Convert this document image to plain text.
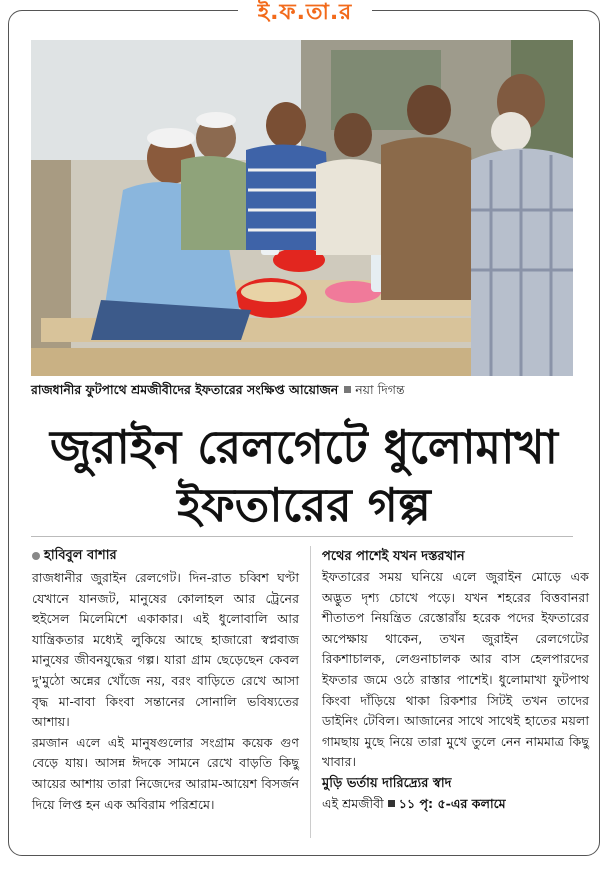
ই.ফ.তা.র
রাজধানীর ফুটপাথে শ্রমজীবীদের ইফতারের সংক্ষিপ্ত আয়োজন নয়া দিগন্ত
জুরাইন রেলগেটে ধুলোমাখা
ইফতারের গল্প
হাবিবুল বাশার
রাজধানীর জুরাইন রেলগেট। দিন-রাত চব্বিশ ঘণ্টা যেখানে যানজট, মানুষের কোলাহল আর ট্রেনের হুইসেল মিলেমিশে একাকার। এই ধুলোবালি আর যান্ত্রিকতার মধ্যেই লুকিয়ে আছে হাজারো স্বপ্নবাজ মানুষের জীবনযুদ্ধের গল্প। যারা গ্রাম ছেড়েছেন কেবল দু'মুঠো অন্নের খোঁজে নয়, বরং বাড়িতে রেখে আসা বৃদ্ধ মা-বাবা কিংবা সন্তানের সোনালি ভবিষ্যতের আশায়।
রমজান এলে এই মানুষগুলোর সংগ্রাম কয়েক গুণ বেড়ে যায়। আসন্ন ঈদকে সামনে রেখে বাড়তি কিছু আয়ের আশায় তারা নিজেদের আরাম-আয়েশ বিসর্জন দিয়ে লিপ্ত হন এক অবিরাম পরিশ্রমে।
পথের পাশেই যখন দস্তরখান
ইফতারের সময় ঘনিয়ে এলে জুরাইন মোড়ে এক অদ্ভুত দৃশ্য চোখে পড়ে। যখন শহরের বিত্তবানরা শীতাতপ নিয়ন্ত্রিত রেস্তোরাঁয় হরেক পদের ইফতারের অপেক্ষায় থাকেন, তখন জুরাইন রেলগেটের রিকশাচালক, লেগুনাচালক আর বাস হেলপারদের ইফতার জমে ওঠে রাস্তার পাশেই। ধুলোমাখা ফুটপাথ কিংবা দাঁড়িয়ে থাকা রিকশার সিটই তখন তাদের ডাইনিং টেবিল। আজানের সাথে সাথেই হাতের ময়লা গামছায় মুছে নিয়ে তারা মুখে তুলে নেন নামমাত্র কিছু খাবার।
মুড়ি ভর্তায় দারিদ্র্যের স্বাদ
এই শ্রমজীবী ১১ পৃ: ৫-এর কলামে
